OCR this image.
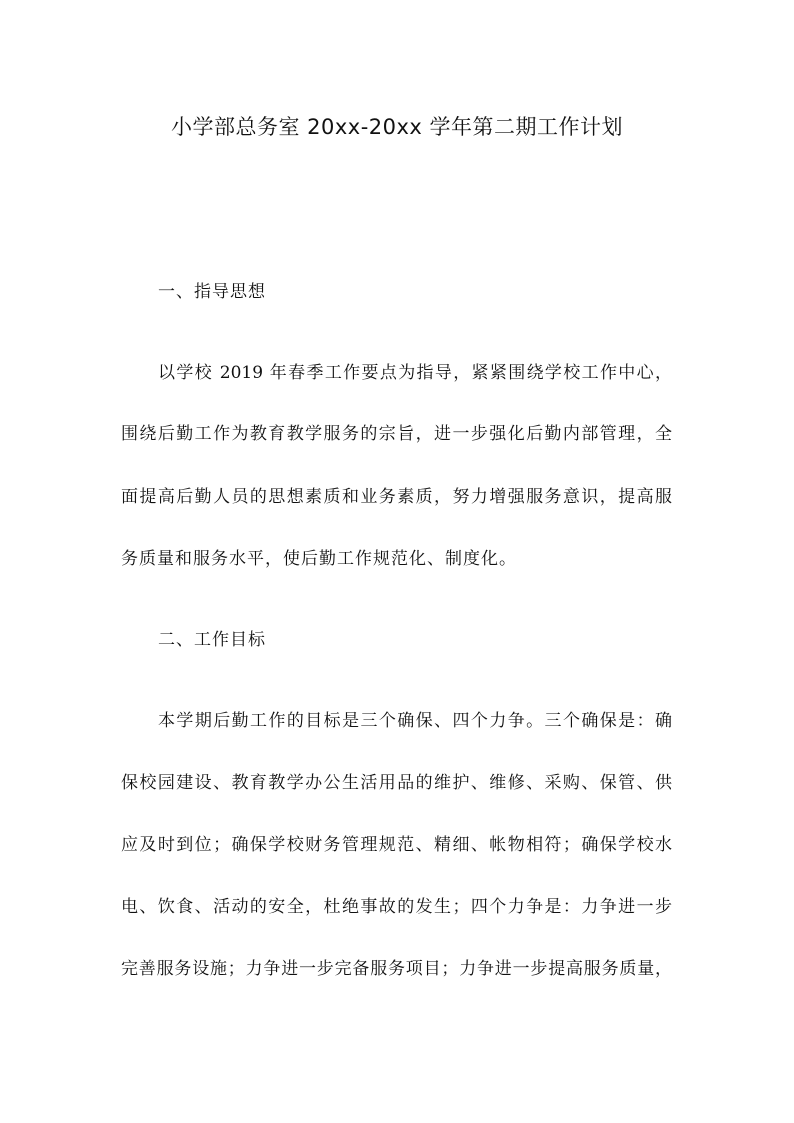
小学部总务室 20xx-20xx 学年第二期工作计划
一、指导思想
以学校 2019 年春季工作要点为指导，紧紧围绕学校工作中心，
围绕后勤工作为教育教学服务的宗旨，进一步强化后勤内部管理，全
面提高后勤人员的思想素质和业务素质，努力增强服务意识，提高服
务质量和服务水平，使后勤工作规范化、制度化。
二、工作目标
本学期后勤工作的目标是三个确保、四个力争。三个确保是：确
保校园建设、教育教学办公生活用品的维护、维修、采购、保管、供
应及时到位；确保学校财务管理规范、精细、帐物相符；确保学校水
电、饮食、活动的安全，杜绝事故的发生；四个力争是：力争进一步
完善服务设施；力争进一步完备服务项目；力争进一步提高服务质量，
